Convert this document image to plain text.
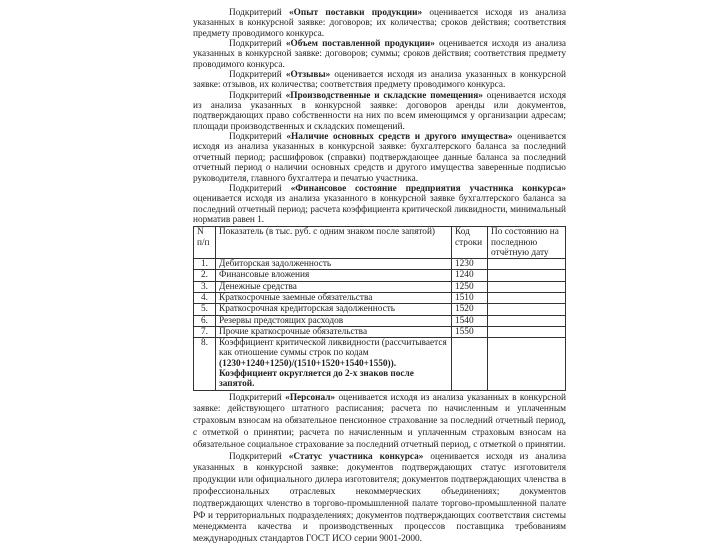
Подкритерий «Опыт поставки продукции» оценивается исходя из анализа указанных в конкурсной заявке: договоров; их количества; сроков действия; соответствия предмету проводимого конкурса.

Подкритерий «Объем поставленной продукции» оценивается исходя из анализа указанных в конкурсной заявке: договоров; суммы; сроков действия; соответствия предмету проводимого конкурса.

Подкритерий «Отзывы» оценивается исходя из анализа указанных в конкурсной заявке: отзывов, их количества; соответствия предмету проводимого конкурса.

Подкритерий «Производственные и складские помещения» оценивается исходя из анализа указанных в конкурсной заявке: договоров аренды или документов, подтверждающих право собственности на них по всем имеющимся у организации адресам; площади производственных и складских помещений.

Подкритерий «Наличие основных средств и другого имущества» оценивается исходя из анализа указанных в конкурсной заявке: бухгалтерского баланса за последний отчетный период; расшифровок (справки) подтверждающее данные баланса за последний отчетный период о наличии основных средств и другого имущества заверенные подписью руководителя, главного бухгалтера и печатью участника.

Подкритерий «Финансовое состояние предприятия участника конкурса» оценивается исходя из анализа указанного в конкурсной заявке бухгалтерского баланса за последний отчетный период; расчета коэффициента критической ликвидности, минимальный норматив равен 1.

N п/п	Показатель (в тыс. руб. с одним знаком после запятой)	Код строки	По состоянию на последнюю отчётную дату
1.	Дебиторская задолженность	1230	
2.	Финансовые вложения	1240	
3.	Денежные средства	1250	
4.	Краткосрочные заемные обязательства	1510	
5.	Краткосрочная кредиторская задолженность	1520	
6.	Резервы предстоящих расходов	1540	
7.	Прочие краткосрочные обязательства	1550	
8.	Коэффициент критической ликвидности (рассчитывается как отношение суммы строк по кодам
(1230+1240+1250)/(1510+1520+1540+1550)).
Коэффициент округляется до 2-х знаков после запятой.		

Подкритерий «Персонал» оценивается исходя из анализа указанных в конкурсной заявке: действующего штатного расписания; расчета по начисленным и уплаченным страховым взносам на обязательное пенсионное страхование за последний отчетный период, с отметкой о принятии; расчета по начисленным и уплаченным страховым взносам на обязательное социальное страхование за последний отчетный период, с отметкой о принятии.

Подкритерий «Статус участника конкурса» оценивается исходя из анализа указанных в конкурсной заявке: документов подтверждающих статус изготовителя продукции или официального дилера изготовителя; документов подтверждающих членства в профессиональных отраслевых некоммерческих объединениях; документов подтверждающих членство в торгово-промышленной палате торгово-промышленной палате РФ и территориальных подразделениях; документов подтверждающих соответствия системы менеджмента качества и производственных процессов поставщика требованиям международных стандартов ГОСТ ИСО серии 9001-2000.
